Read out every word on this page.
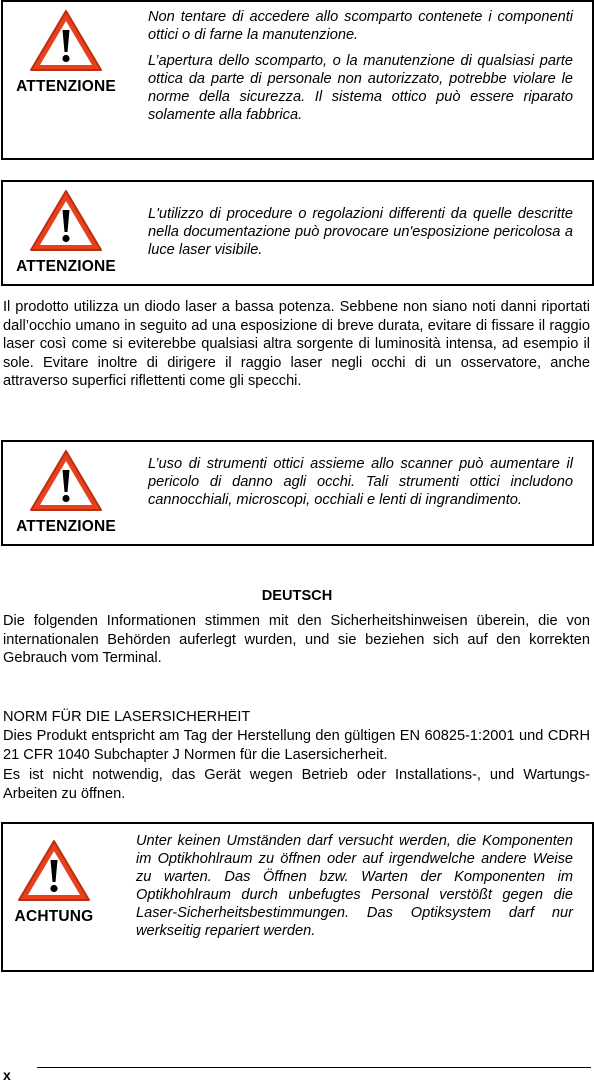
ATTENZIONE

Non tentare di accedere allo scomparto contenete i componenti ottici o di farne la manutenzione.

L’apertura dello scomparto, o la manutenzione di qualsiasi parte ottica da parte di personale non autorizzato, potrebbe violare le norme della sicurezza. Il sistema ottico può essere riparato solamente alla fabbrica.

ATTENZIONE

L'utilizzo di procedure o regolazioni differenti da quelle descritte nella documentazione può provocare un'esposizione pericolosa a luce laser visibile.

Il prodotto utilizza un diodo laser a bassa potenza. Sebbene non siano noti danni riportati dall’occhio umano in seguito ad una esposizione di breve durata, evitare di fissare il raggio laser così come si eviterebbe qualsiasi altra sorgente di luminosità intensa, ad esempio il sole. Evitare inoltre di dirigere il raggio laser negli occhi di un osservatore, anche attraverso superfici riflettenti come gli specchi.

ATTENZIONE

L’uso di strumenti ottici assieme allo scanner può aumentare il pericolo di danno agli occhi. Tali strumenti ottici includono cannocchiali, microscopi, occhiali e lenti di ingrandimento.

DEUTSCH

Die folgenden Informationen stimmen mit den Sicherheitshinweisen überein, die von internationalen Behörden auferlegt wurden, und sie beziehen sich auf den korrekten Gebrauch vom Terminal.

NORM FÜR DIE LASERSICHERHEIT

Dies Produkt entspricht am Tag der Herstellung den gültigen EN 60825-1:2001 und CDRH 21 CFR 1040 Subchapter J Normen für die Lasersicherheit.

Es ist nicht notwendig, das Gerät wegen Betrieb oder Installations-, und Wartungs-Arbeiten zu öffnen.

ACHTUNG

Unter keinen Umständen darf versucht werden, die Komponenten im Optikhohlraum zu öffnen oder auf irgendwelche andere Weise zu warten. Das Öffnen bzw. Warten der Komponenten im Optikhohlraum durch unbefugtes Personal verstößt gegen die Laser-Sicherheitsbestimmungen. Das Optiksystem darf nur werkseitig repariert werden.

x
